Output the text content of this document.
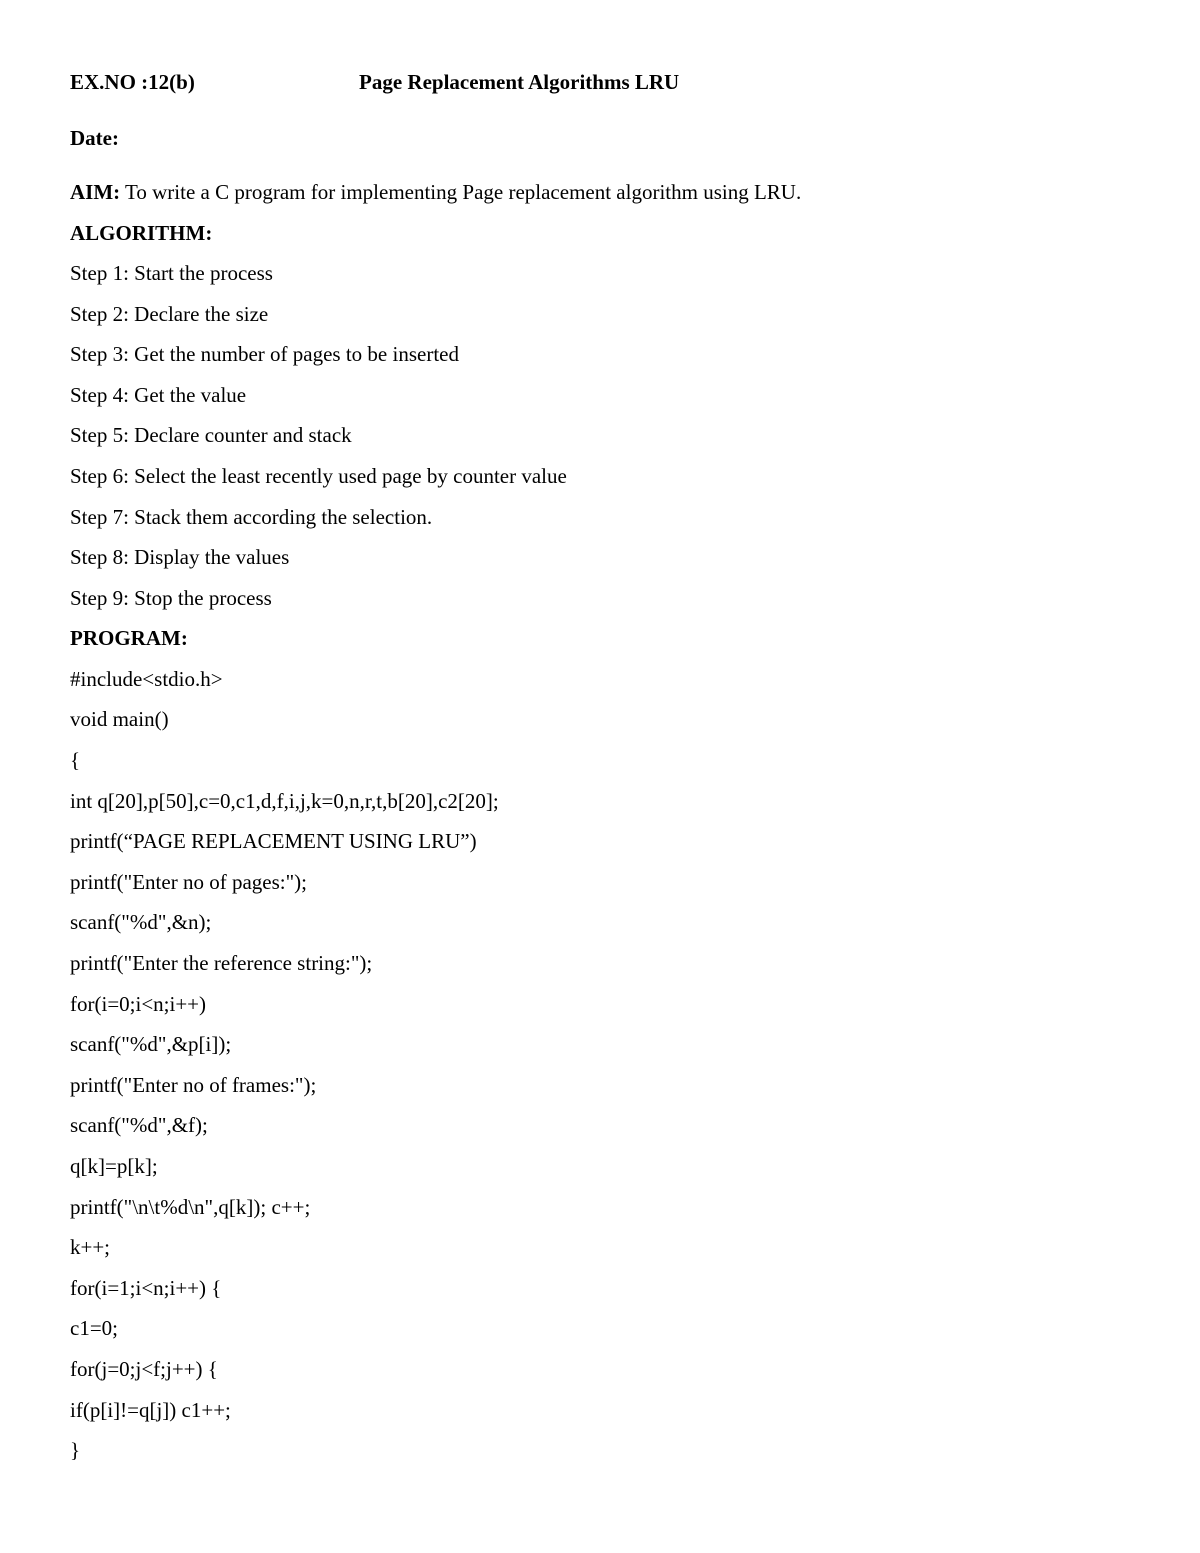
EX.NO :12(b)	Page Replacement Algorithms LRU
Date:
AIM: To write a C program for implementing Page replacement algorithm using LRU.
ALGORITHM:
Step 1: Start the process
Step 2: Declare the size
Step 3: Get the number of pages to be inserted
Step 4: Get the value
Step 5: Declare counter and stack
Step 6: Select the least recently used page by counter value
Step 7: Stack them according the selection.
Step 8: Display the values
Step 9: Stop the process
PROGRAM:
#include<stdio.h>
void main()
{
int q[20],p[50],c=0,c1,d,f,i,j,k=0,n,r,t,b[20],c2[20];
printf(“PAGE REPLACEMENT USING LRU”)
printf("Enter no of pages:");
scanf("%d",&n);
printf("Enter the reference string:");
for(i=0;i<n;i++)
scanf("%d",&p[i]);
printf("Enter no of frames:");
scanf("%d",&f);
q[k]=p[k];
printf("\n\t%d\n",q[k]); c++;
k++;
for(i=1;i<n;i++) {
c1=0;
for(j=0;j<f;j++) {
if(p[i]!=q[j]) c1++;
}
